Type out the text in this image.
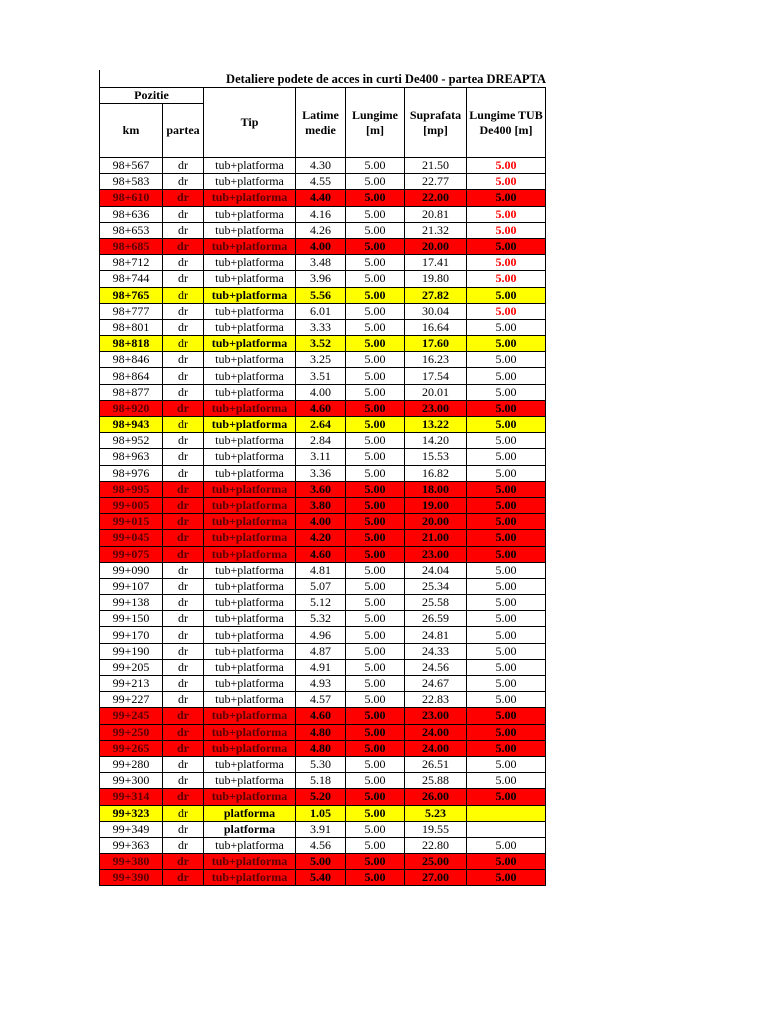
Detaliere podete de acces in curti De400 - partea DREAPTA
Pozitie		Tip	Latime medie	Lungime [m]	Suprafata [mp]	Lungime TUB De400 [m]
km	partea					
98+567	dr	tub+platforma	4.30	5.00	21.50	5.00
98+583	dr	tub+platforma	4.55	5.00	22.77	5.00
98+610	dr	tub+platforma	4.40	5.00	22.00	5.00
98+636	dr	tub+platforma	4.16	5.00	20.81	5.00
98+653	dr	tub+platforma	4.26	5.00	21.32	5.00
98+685	dr	tub+platforma	4.00	5.00	20.00	5.00
98+712	dr	tub+platforma	3.48	5.00	17.41	5.00
98+744	dr	tub+platforma	3.96	5.00	19.80	5.00
98+765	dr	tub+platforma	5.56	5.00	27.82	5.00
98+777	dr	tub+platforma	6.01	5.00	30.04	5.00
98+801	dr	tub+platforma	3.33	5.00	16.64	5.00
98+818	dr	tub+platforma	3.52	5.00	17.60	5.00
98+846	dr	tub+platforma	3.25	5.00	16.23	5.00
98+864	dr	tub+platforma	3.51	5.00	17.54	5.00
98+877	dr	tub+platforma	4.00	5.00	20.01	5.00
98+920	dr	tub+platforma	4.60	5.00	23.00	5.00
98+943	dr	tub+platforma	2.64	5.00	13.22	5.00
98+952	dr	tub+platforma	2.84	5.00	14.20	5.00
98+963	dr	tub+platforma	3.11	5.00	15.53	5.00
98+976	dr	tub+platforma	3.36	5.00	16.82	5.00
98+995	dr	tub+platforma	3.60	5.00	18.00	5.00
99+005	dr	tub+platforma	3.80	5.00	19.00	5.00
99+015	dr	tub+platforma	4.00	5.00	20.00	5.00
99+045	dr	tub+platforma	4.20	5.00	21.00	5.00
99+075	dr	tub+platforma	4.60	5.00	23.00	5.00
99+090	dr	tub+platforma	4.81	5.00	24.04	5.00
99+107	dr	tub+platforma	5.07	5.00	25.34	5.00
99+138	dr	tub+platforma	5.12	5.00	25.58	5.00
99+150	dr	tub+platforma	5.32	5.00	26.59	5.00
99+170	dr	tub+platforma	4.96	5.00	24.81	5.00
99+190	dr	tub+platforma	4.87	5.00	24.33	5.00
99+205	dr	tub+platforma	4.91	5.00	24.56	5.00
99+213	dr	tub+platforma	4.93	5.00	24.67	5.00
99+227	dr	tub+platforma	4.57	5.00	22.83	5.00
99+245	dr	tub+platforma	4.60	5.00	23.00	5.00
99+250	dr	tub+platforma	4.80	5.00	24.00	5.00
99+265	dr	tub+platforma	4.80	5.00	24.00	5.00
99+280	dr	tub+platforma	5.30	5.00	26.51	5.00
99+300	dr	tub+platforma	5.18	5.00	25.88	5.00
99+314	dr	tub+platforma	5.20	5.00	26.00	5.00
99+323	dr	platforma	1.05	5.00	5.23	
99+349	dr	platforma	3.91	5.00	19.55	
99+363	dr	tub+platforma	4.56	5.00	22.80	5.00
99+380	dr	tub+platforma	5.00	5.00	25.00	5.00
99+390	dr	tub+platforma	5.40	5.00	27.00	5.00
